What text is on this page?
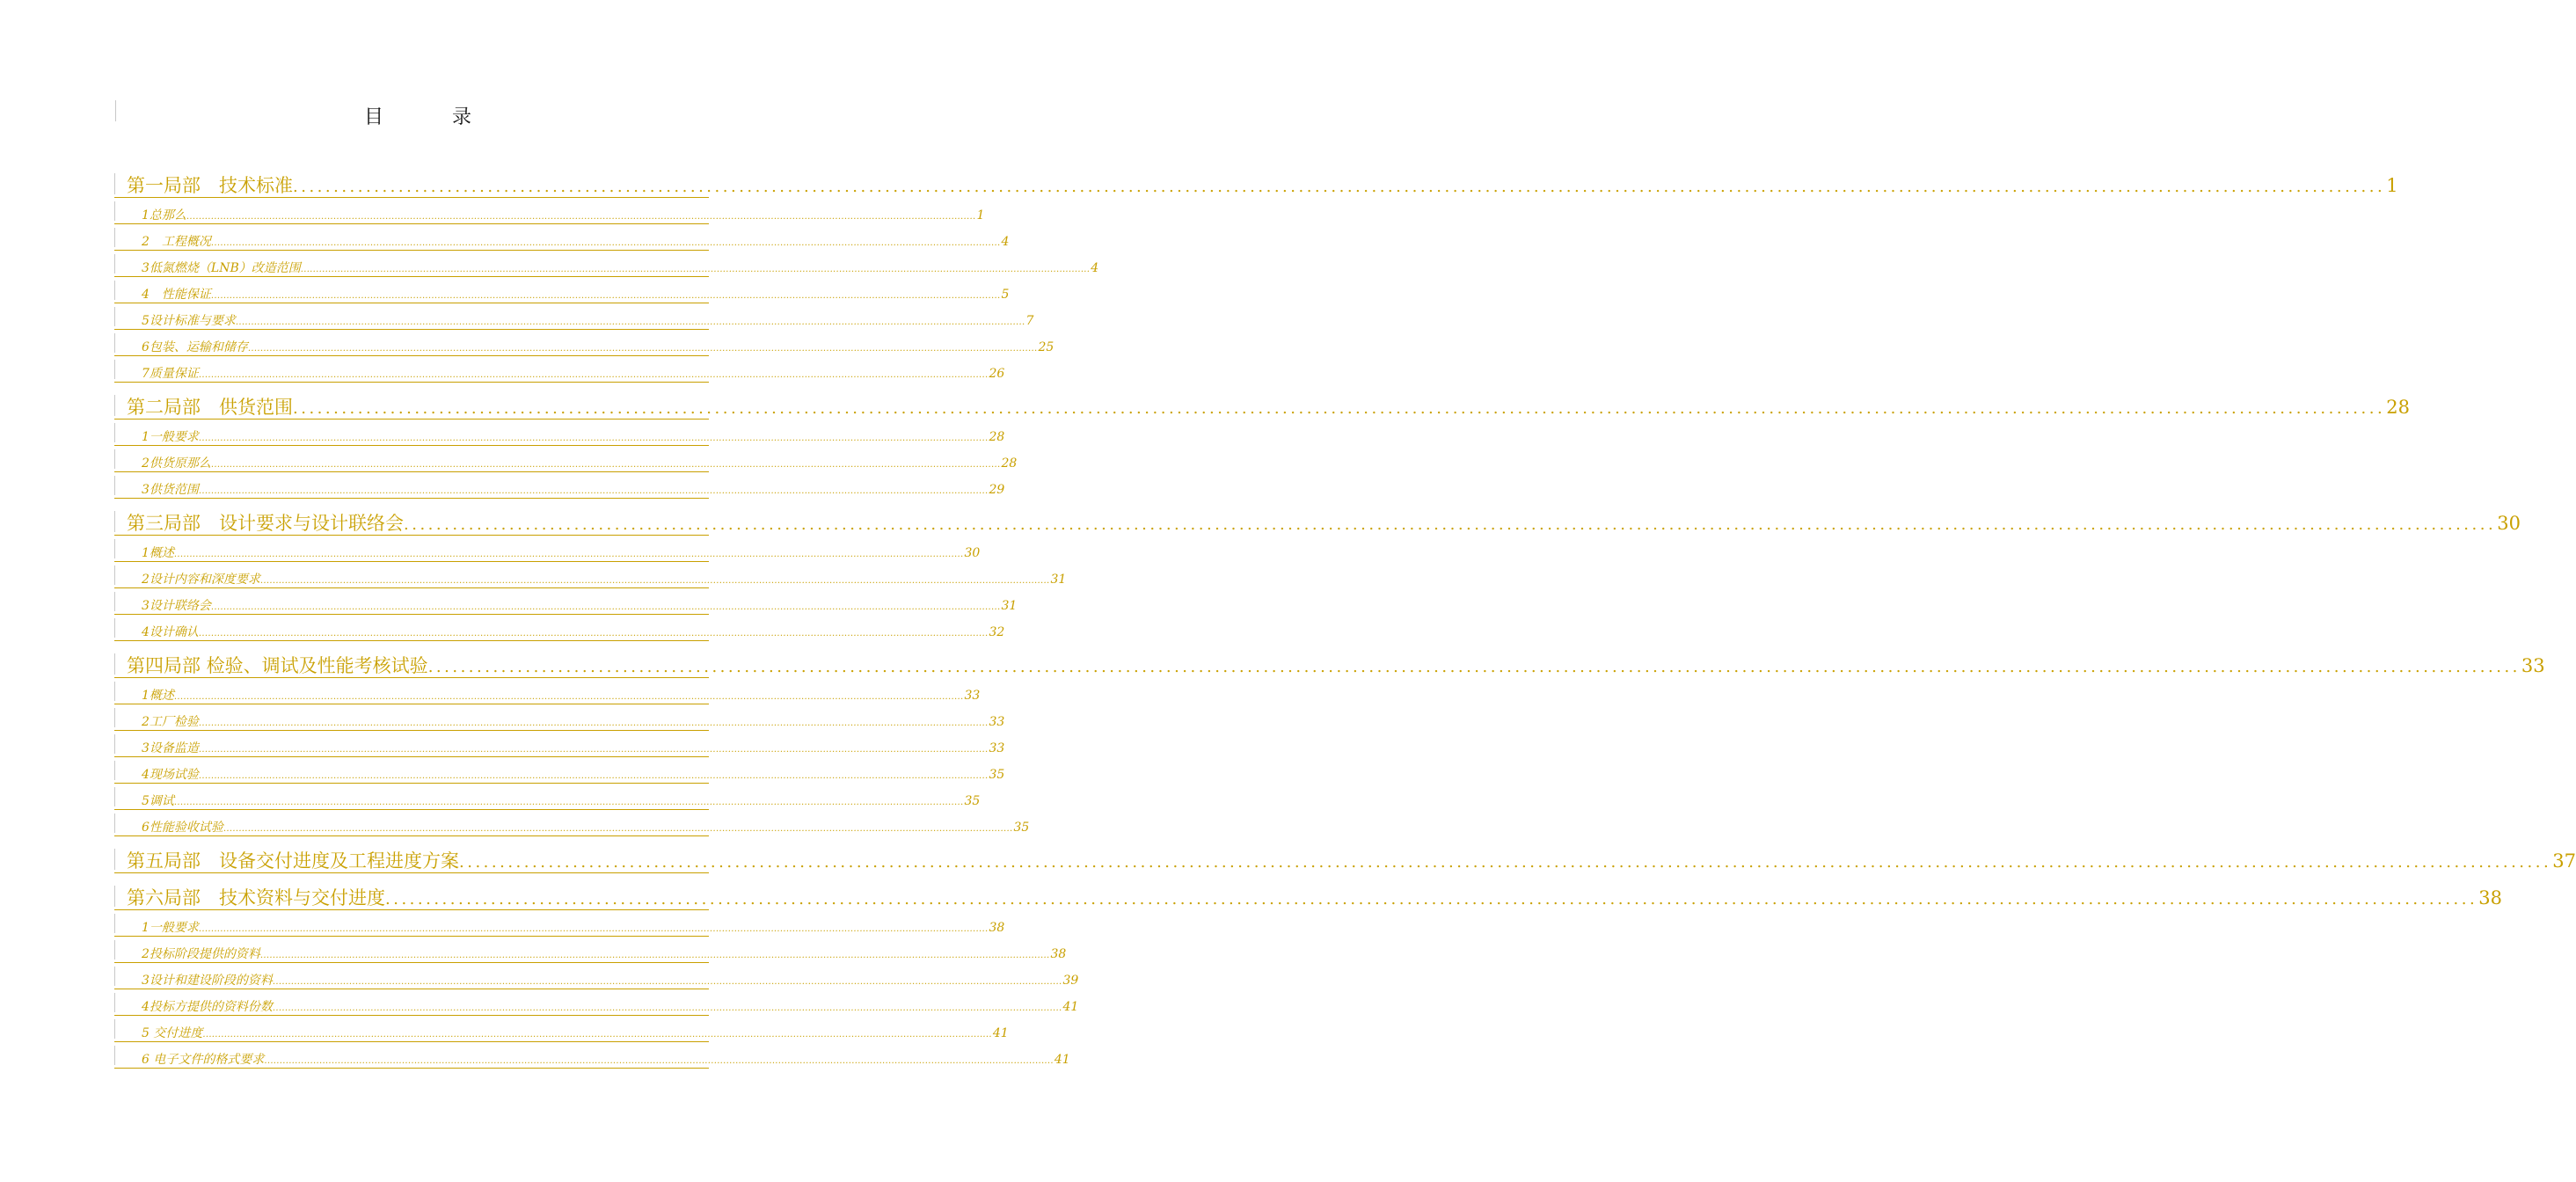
目　录
第一局部　技术标准 .................................................................................................................................................................................................................................................................. 1
1总那么 .................................................................................................................................................................................................................................................................. 1
2　工程概况 .................................................................................................................................................................................................................................................................. 4
3低氮燃烧（LNB）改造范围 .................................................................................................................................................................................................................................................................. 4
4　性能保证 .................................................................................................................................................................................................................................................................. 5
5设计标准与要求 .................................................................................................................................................................................................................................................................. 7
6包装、运输和储存 .................................................................................................................................................................................................................................................................. 25
7质量保证 .................................................................................................................................................................................................................................................................. 26
第二局部　供货范围 .................................................................................................................................................................................................................................................................. 28
1一般要求 .................................................................................................................................................................................................................................................................. 28
2供货原那么 .................................................................................................................................................................................................................................................................. 28
3供货范围 .................................................................................................................................................................................................................................................................. 29
第三局部　设计要求与设计联络会 .................................................................................................................................................................................................................................................................. 30
1概述 .................................................................................................................................................................................................................................................................. 30
2设计内容和深度要求 .................................................................................................................................................................................................................................................................. 31
3设计联络会 .................................................................................................................................................................................................................................................................. 31
4设计确认 .................................................................................................................................................................................................................................................................. 32
第四局部 检验、调试及性能考核试验 .................................................................................................................................................................................................................................................................. 33
1概述 .................................................................................................................................................................................................................................................................. 33
2工厂检验 .................................................................................................................................................................................................................................................................. 33
3设备监造 .................................................................................................................................................................................................................................................................. 33
4现场试验 .................................................................................................................................................................................................................................................................. 35
5调试 .................................................................................................................................................................................................................................................................. 35
6性能验收试验 .................................................................................................................................................................................................................................................................. 35
第五局部　设备交付进度及工程进度方案 .................................................................................................................................................................................................................................................................. 37
第六局部　技术资料与交付进度 .................................................................................................................................................................................................................................................................. 38
1一般要求 .................................................................................................................................................................................................................................................................. 38
2投标阶段提供的资料 .................................................................................................................................................................................................................................................................. 38
3设计和建设阶段的资料 .................................................................................................................................................................................................................................................................. 39
4投标方提供的资料份数 .................................................................................................................................................................................................................................................................. 41
5 交付进度 .................................................................................................................................................................................................................................................................. 41
6 电子文件的格式要求 .................................................................................................................................................................................................................................................................. 41
